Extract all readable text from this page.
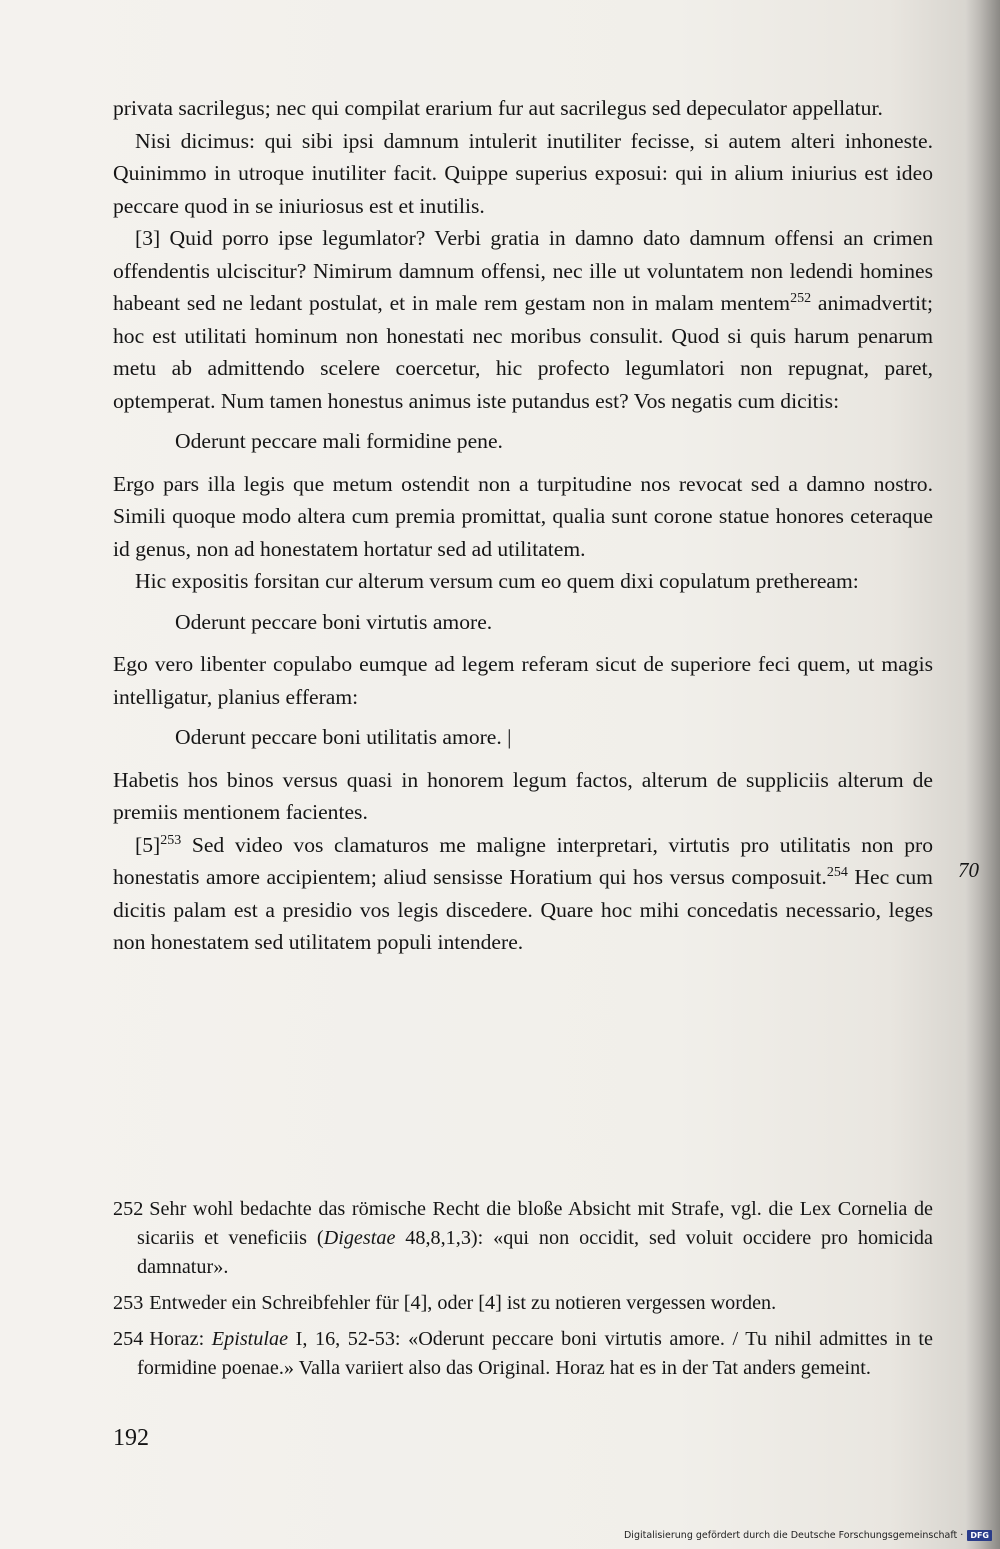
privata sacrilegus; nec qui compilat erarium fur aut sacrilegus sed depeculator appellatur.

Nisi dicimus: qui sibi ipsi damnum intulerit inutiliter fecisse, si autem alteri inhoneste. Quinimmo in utroque inutiliter facit. Quippe superius exposui: qui in alium iniurius est ideo peccare quod in se iniuriosus est et inutilis.

[3] Quid porro ipse legumlator? Verbi gratia in damno dato damnum offensi an crimen offendentis ulciscitur? Nimirum damnum offensi, nec ille ut voluntatem non ledendi homines habeant sed ne ledant postulat, et in male rem gestam non in malam mentem$^{252}$ animadvertit; hoc est utilitati hominum non honestati nec moribus consulit. Quod si quis harum penarum metu ab admittendo scelere coercetur, hic profecto legumlatori non repugnat, paret, optemperat. Num tamen honestus animus iste putandus est? Vos negatis cum dicitis:

Oderunt peccare mali formidine pene.

Ergo pars illa legis que metum ostendit non a turpitudine nos revocat sed a damno nostro. Simili quoque modo altera cum premia promittat, qualia sunt corone statue honores ceteraque id genus, non ad honestatem hortatur sed ad utilitatem.

Hic expositis forsitan cur alterum versum cum eo quem dixi copulatum pretheream:

Oderunt peccare boni virtutis amore.

Ego vero libenter copulabo eumque ad legem referam sicut de superiore feci quem, ut magis intelligatur, planius efferam:

Oderunt peccare boni utilitatis amore. |

Habetis hos binos versus quasi in honorem legum factos, alterum de suppliciis alterum de premiis mentionem facientes.

$[5]^{253}$ Sed video vos clamaturos me maligne interpretari, virtutis pro utilitatis non pro honestatis amore accipientem; aliud sensisse Horatium qui hos versus composuit.$^{254}$ Hec cum dicitis palam est a presidio vos legis discedere. Quare hoc mihi concedatis necessario, leges non honestatem sed utilitatem populi intendere.

70

252 Sehr wohl bedachte das römische Recht die bloße Absicht mit Strafe, vgl. die Lex Cornelia de sicariis et veneficiis (Digestae 48,8,1,3): «qui non occidit, sed voluit occidere pro homicida damnatur».

253 Entweder ein Schreibfehler für [4], oder [4] ist zu notieren vergessen worden.

254 Horaz: Epistulae I, 16, 52-53: «Oderunt peccare boni virtutis amore. / Tu nihil admittes in te formidine poenae.» Valla variiert also das Original. Horaz hat es in der Tat anders gemeint.

192
Digitalisierung gefördert durch die Deutsche Forschungsgemeinschaft · DFG
